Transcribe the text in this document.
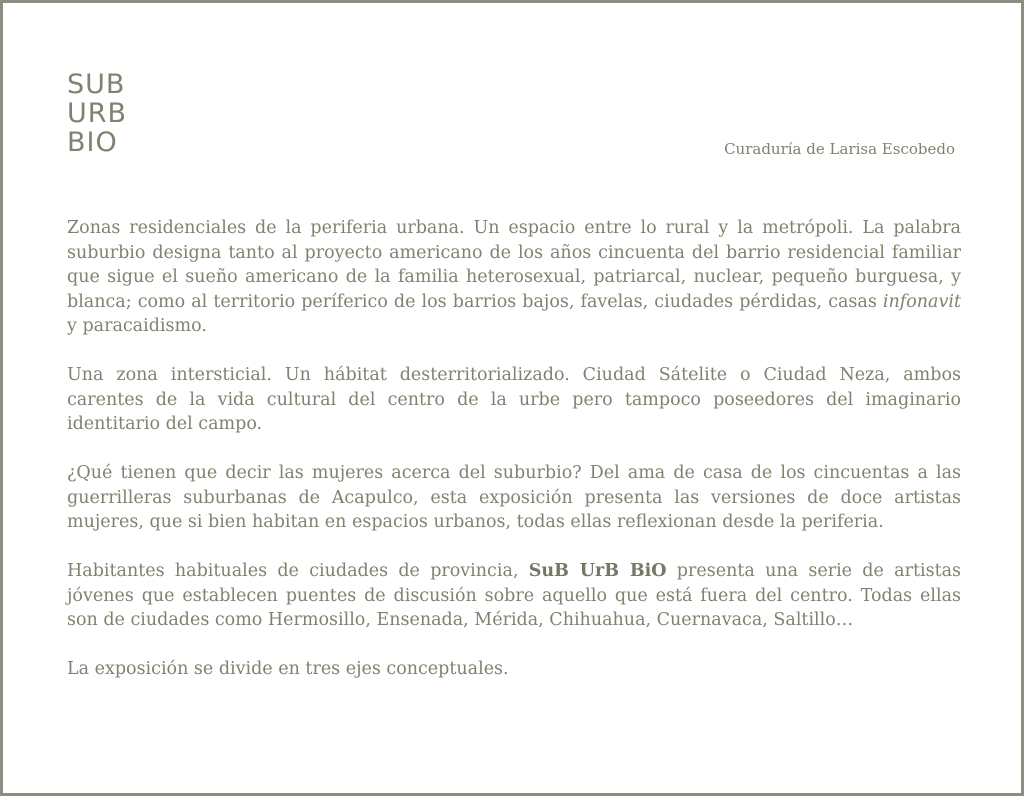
SUB
URB
BIO	Curaduría de Larisa Escobedo

Zonas residenciales de la periferia urbana. Un espacio entre lo rural y la metrópoli. La palabra suburbio designa tanto al proyecto americano de los años cincuenta del barrio residencial familiar que sigue el sueño americano de la familia heterosexual, patriarcal, nuclear, pequeño burguesa, y blanca; como al territorio períferico de los barrios bajos, favelas, ciudades pérdidas, casas infonavit y paracaidismo.

Una zona intersticial. Un hábitat desterritorializado. Ciudad Sátelite o Ciudad Neza, ambos carentes de la vida cultural del centro de la urbe pero tampoco poseedores del imaginario identitario del campo.

¿Qué tienen que decir las mujeres acerca del suburbio? Del ama de casa de los cincuentas a las guerrilleras suburbanas de Acapulco, esta exposición presenta las versiones de doce artistas mujeres, que si bien habitan en espacios urbanos, todas ellas reflexionan desde la periferia.

Habitantes habituales de ciudades de provincia, SuB UrB BiO presenta una serie de artistas jóvenes que establecen puentes de discusión sobre aquello que está fuera del centro. Todas ellas son de ciudades como Hermosillo, Ensenada, Mérida, Chihuahua, Cuernavaca, Saltillo…

La exposición se divide en tres ejes conceptuales.
